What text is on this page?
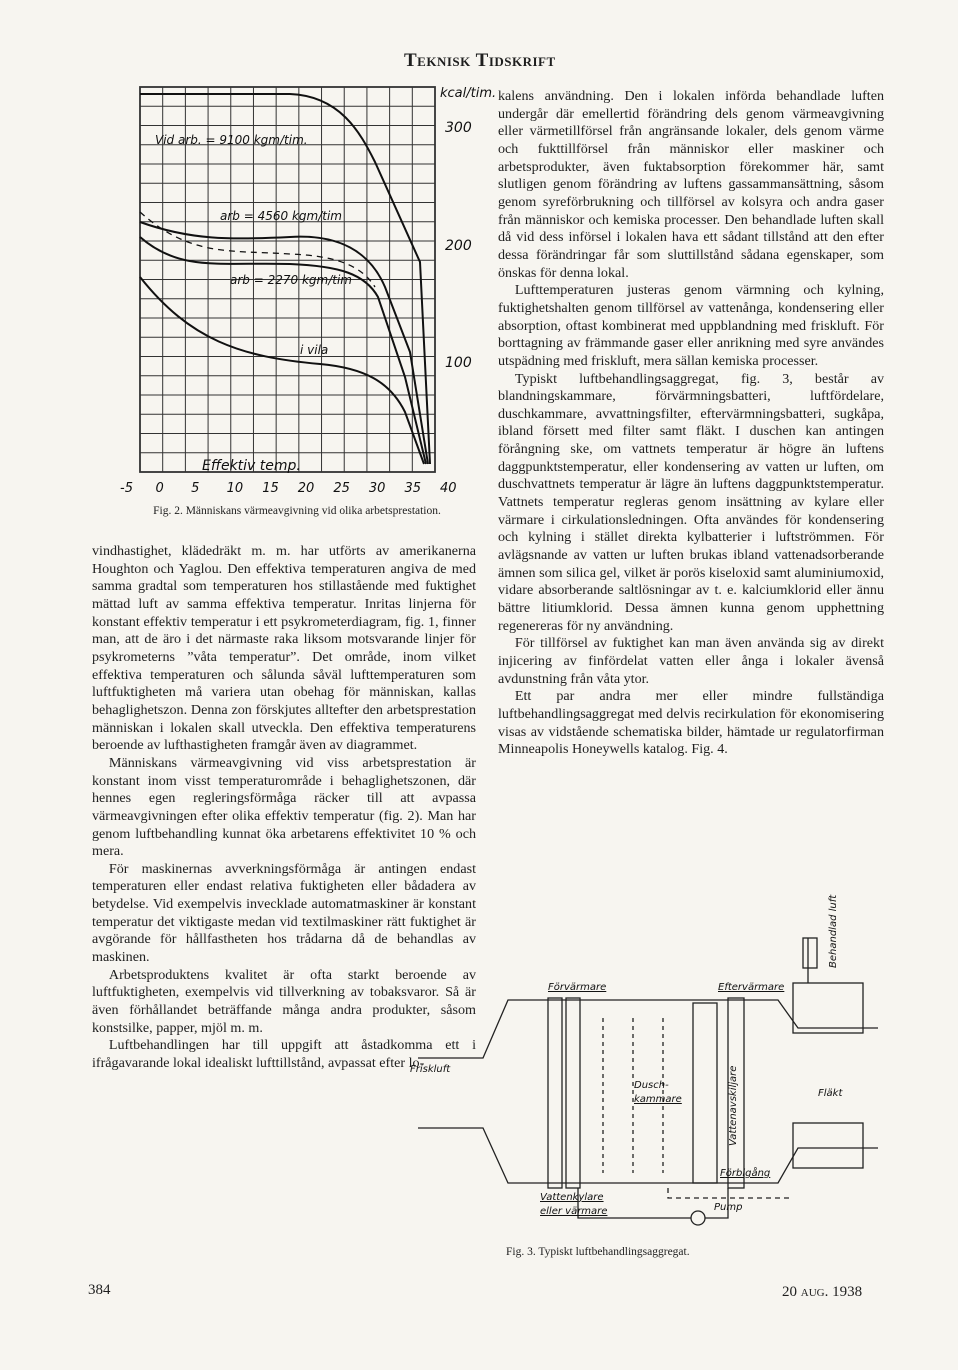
Teknisk Tidskrift
Vid arb. = 9100 kgm/tim.
arb = 4560 kgm/tim
arb = 2270 kgm/tim
i vila
Effektiv temp.
kcal/tim.
300
200
100
-5 0 5 10 15 20 25 30 35 40
Fig. 2. Människans värmeavgivning vid olika arbetsprestation.

vindhastighet, klädedräkt m. m. har utförts av amerikanerna Houghton och Yaglou. Den effektiva temperaturen angiva de med samma gradtal som temperaturen hos stillastående med fuktighet mättad luft av samma effektiva temperatur. Inritas linjerna för konstant effektiv temperatur i ett psykrometerdiagram, fig. 1, finner man, att de äro i det närmaste raka liksom motsvarande linjer för psykrometerns ”våta temperatur”. Det område, inom vilket effektiva temperaturen och sålunda såväl lufttemperaturen som luftfuktigheten må variera utan obehag för människan, kallas behaglighetszon. Denna zon förskjutes alltefter den arbetsprestation människan i lokalen skall utveckla. Den effektiva temperaturens beroende av lufthastigheten framgår även av diagrammet.

Människans värmeavgivning vid viss arbetsprestation är konstant inom visst temperaturområde i behaglighetszonen, där hennes egen regleringsförmåga räcker till att avpassa värmeavgivningen efter olika effektiv temperatur (fig. 2). Man har genom luftbehandling kunnat öka arbetarens effektivitet 10 % och mera.

För maskinernas avverkningsförmåga är antingen endast temperaturen eller endast relativa fuktigheten eller bådadera av betydelse. Vid exempelvis invecklade automatmaskiner är konstant temperatur det viktigaste medan vid textilmaskiner rätt fuktighet är avgörande för hållfastheten hos trådarna då de behandlas av maskinen.

Arbetsproduktens kvalitet är ofta starkt beroende av luftfuktigheten, exempelvis vid tillverkning av tobaksvaror. Så är även förhållandet beträffande många andra produkter, såsom konstsilke, papper, mjöl m. m.

Luftbehandlingen har till uppgift att åstadkomma ett i ifrågavarande lokal idealiskt lufttillstånd, avpassat efter lo-

kalens användning. Den i lokalen införda behandlade luften undergår där emellertid förändring dels genom värmeavgivning eller värmetillförsel från angränsande lokaler, dels genom värme och fukttillförsel från människor eller maskiner och arbetsprodukter, även fuktabsorption förekommer här, samt slutligen genom förändring av luftens gassammansättning, såsom genom syreförbrukning och tillförsel av kolsyra och andra gaser från människor och kemiska processer. Den behandlade luften skall då vid dess införsel i lokalen hava ett sådant tillstånd att den efter dessa förändringar får som sluttillstånd sådana egenskaper, som önskas för denna lokal.

Lufttemperaturen justeras genom värmning och kylning, fuktighetshalten genom tillförsel av vattenånga, kondensering eller absorption, oftast kombinerat med uppblandning med friskluft. För borttagning av främmande gaser eller anrikning med syre användes utspädning med friskluft, mera sällan kemiska processer.

Typiskt luftbehandlingsaggregat, fig. 3, består av blandningskammare, förvärmningsbatteri, luftfördelare, duschkammare, avvattningsfilter, eftervärmningsbatteri, sugkåpa, ibland försett med filter samt fläkt. I duschen kan antingen förångning ske, om vattnets temperatur är högre än luftens daggpunktstemperatur, eller kondensering av vatten ur luften, om duschvattnets temperatur är lägre än luftens daggpunktstemperatur. Vattnets temperatur regleras genom insättning av kylare eller värmare i cirkulationsledningen. Ofta användes för kondensering och kylning i stället direkta kylbatterier i luftströmmen. För avlägsnande av vatten ur luften brukas ibland vattenadsorberande ämnen som silica gel, vilket är porös kiseloxid samt aluminiumoxid, vidare absorberande saltlösningar av t. e. kalciumklorid eller ännu bättre litiumklorid. Dessa ämnen kunna genom upphettning regenereras för ny användning.

För tillförsel av fuktighet kan man även använda sig av direkt injicering av finfördelat vatten eller ånga i lokaler ävenså avdunstning från våta ytor.

Ett par andra mer eller mindre fullständiga luftbehandlingsaggregat med delvis recirkulation för ekonomisering visas av vidstående schematiska bilder, hämtade ur regulatorfirman Minneapolis Honeywells katalog. Fig. 4.

Förvärmare	Eftervärmare
Friskluft
Dusch-
kammare	Vattenavskiljare	Fläkt
Förbigång
Vattenkylare
eller värmare	Pump
Behandlad luft
Fig. 3. Typiskt luftbehandlingsaggregat.
384	20 aug. 1938
